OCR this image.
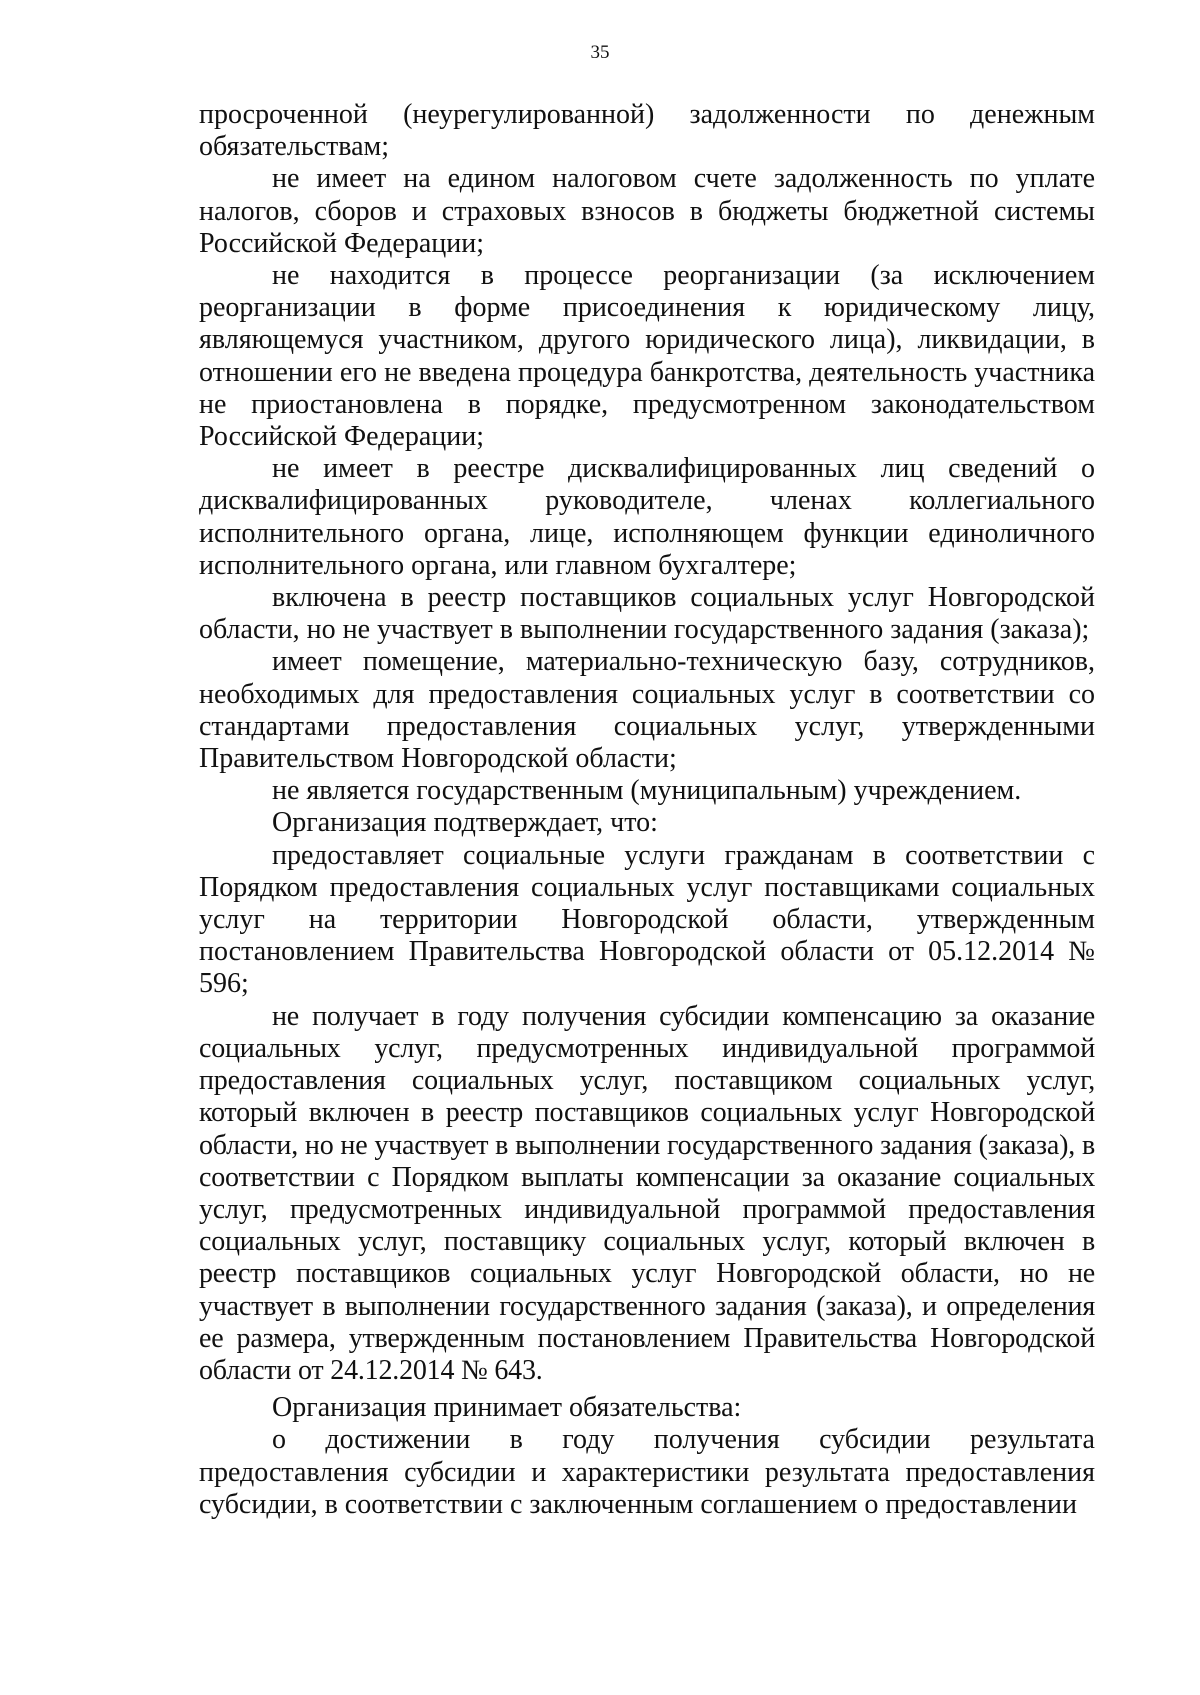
35

просроченной (неурегулированной) задолженности по денежным обязательствам;

не имеет на едином налоговом счете задолженность по уплате налогов, сборов и страховых взносов в бюджеты бюджетной системы Российской Федерации;

не находится в процессе реорганизации (за исключением реорганизации в форме присоединения к юридическому лицу, являющемуся участником, другого юридического лица), ликвидации, в отношении его не введена процедура банкротства, деятельность участника не приостановлена в порядке, предусмотренном законодательством Российской Федерации;

не имеет в реестре дисквалифицированных лиц сведений о дисквалифицированных руководителе, членах коллегиального исполнительного органа, лице, исполняющем функции единоличного исполнительного органа, или главном бухгалтере;

включена в реестр поставщиков социальных услуг Новгородской области, но не участвует в выполнении государственного задания (заказа);

имеет помещение, материально-техническую базу, сотрудников, необходимых для предоставления социальных услуг в соответствии со стандартами предоставления социальных услуг, утвержденными Правительством Новгородской области;

не является государственным (муниципальным) учреждением.

Организация подтверждает, что:

предоставляет социальные услуги гражданам в соответствии с Порядком предоставления социальных услуг поставщиками социальных услуг на территории Новгородской области, утвержденным постановлением Правительства Новгородской области от 05.12.2014 № 596;

не получает в году получения субсидии компенсацию за оказание социальных услуг, предусмотренных индивидуальной программой предоставления социальных услуг, поставщиком социальных услуг, который включен в реестр поставщиков социальных услуг Новгородской области, но не участвует в выполнении государственного задания (заказа), в соответствии с Порядком выплаты компенсации за оказание социальных услуг, предусмотренных индивидуальной программой предоставления социальных услуг, поставщику социальных услуг, который включен в реестр поставщиков социальных услуг Новгородской области, но не участвует в выполнении государственного задания (заказа), и определения ее размера, утвержденным постановлением Правительства Новгородской области от 24.12.2014 № 643.

Организация принимает обязательства:

о достижении в году получения субсидии результата предоставления субсидии и характеристики результата предоставления субсидии, в соответствии с заключенным соглашением о предоставлении
